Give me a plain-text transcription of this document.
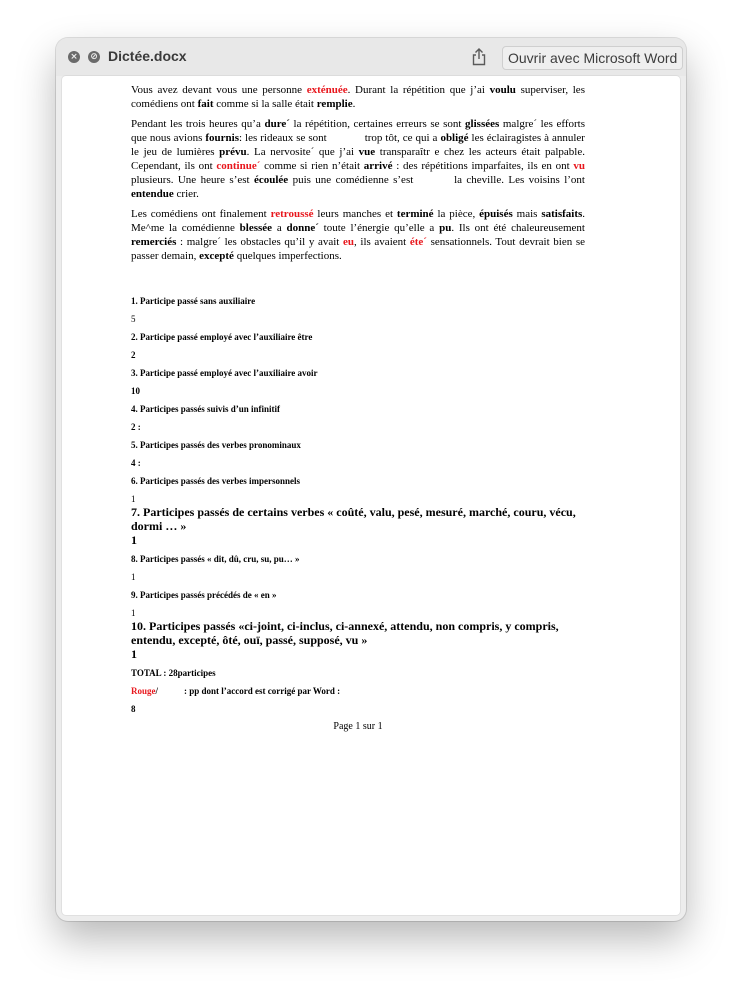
× ⊘ Dictée.docx	Ouvrir avec Microsoft Word

Vous avez devant vous une personne exténuée. Durant la répétition que j’ai voulu superviser, les comédiens ont fait comme si la salle était remplie.

Pendant les trois heures qu’a dure´ la répétition, certaines erreurs se sont glissées malgre´ les efforts que nous avions fournis: les rideaux se sont	trop tôt, ce qui a obligé les éclairagistes à annuler le jeu de lumières prévu. La nervosite´ que j’ai vue transparaîtr e chez les acteurs était palpable. Cependant, ils ont continue´ comme si rien n’était arrivé : des répétitions imparfaites, ils en ont vu plusieurs. Une heure s’est écoulée puis une comédienne s’est	la cheville. Les voisins l’ont entendue crier.

Les comédiens ont finalement retroussé leurs manches et terminé la pièce, épuisés mais satisfaits. Me^me la comédienne blessée a donne´ toute l’énergie qu’elle a pu. Ils ont été chaleureusement remerciés : malgre´ les obstacles qu’il y avait eu, ils avaient éte´ sensationnels. Tout devrait bien se passer demain, excepté quelques imperfections.

1. Participe passé sans auxiliaire

5

2. Participe passé employé avec l’auxiliaire être

2

3. Participe passé employé avec l’auxiliaire avoir

10

4. Participes passés suivis d’un infinitif

2 :

5. Participes passés des verbes pronominaux

4 :

6. Participes passés des verbes impersonnels

1

7. Participes passés de certains verbes « coûté, valu, pesé, mesuré, marché, couru, vécu, dormi … »

1

8. Participes passés « dit, dû, cru, su, pu… »

1

9. Participes passés précédés de « en »

1

10. Participes passés «ci-joint, ci-inclus, ci-annexé, attendu, non compris, y compris, entendu, excepté, ôté, ouï, passé, supposé, vu »

1

TOTAL : 28participes

Rouge/	: pp dont l’accord est corrigé par Word :

8

Page 1 sur 1
